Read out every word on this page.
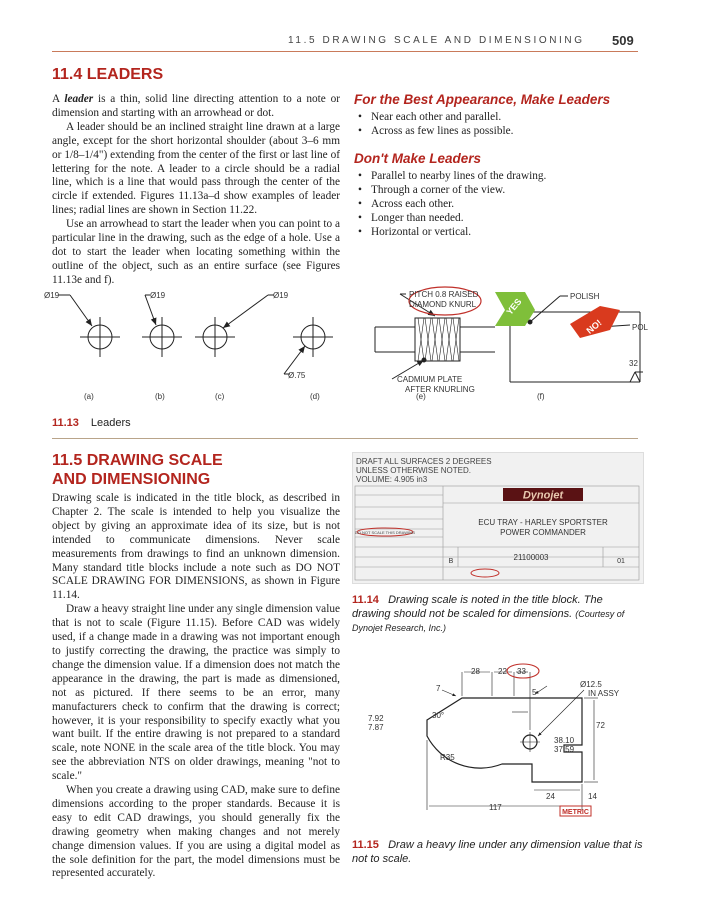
11.5 DRAWING SCALE AND DIMENSIONING	509
11.4 LEADERS

A leader is a thin, solid line directing attention to a note or dimension and starting with an arrowhead or dot.

A leader should be an inclined straight line drawn at a large angle, except for the short horizontal shoulder (about 3–6 mm or 1/8–1/4") extending from the center of the first or last line of lettering for the note. A leader to a circle should be a radial line, which is a line that would pass through the center of the circle if extended. Figures 11.13a–d show examples of leader lines; radial lines are shown in Section 11.22.

Use an arrowhead to start the leader when you can point to a particular line in the drawing, such as the edge of a hole. Use a dot to start the leader when locating something within the outline of the object, such as an entire surface (see Figures 11.13e and f).

For the Best Appearance, Make Leaders
• Near each other and parallel.
• Across as few lines as possible.
Don't Make Leaders
• Parallel to nearby lines of the drawing.
• Through a corner of the view.
• Across each other.
• Longer than needed.
• Horizontal or vertical.
YES
NO!
Ø19	Ø19	Ø19
Ø.75
PITCH 0.8 RAISED
DIAMOND KNURL
CADMIUM PLATE
AFTER KNURLING
POLISH
POL
32
(a)	(b)	(c)	(d)	(e)	(f)
11.13 Leaders
11.5 DRAWING SCALE
AND DIMENSIONING

Drawing scale is indicated in the title block, as described in Chapter 2. The scale is intended to help you visualize the object by giving an approximate idea of its size, but is not intended to communicate dimensions. Never scale measurements from drawings to find an unknown dimension. Many standard title blocks include a note such as DO NOT SCALE DRAWING FOR DIMENSIONS, as shown in Figure 11.14.

Draw a heavy straight line under any single dimension value that is not to scale (Figure 11.15). Before CAD was widely used, if a change made in a drawing was not important enough to justify correcting the drawing, the practice was simply to change the dimension value. If a dimension does not match the appearance in the drawing, the part is made as dimensioned, not as pictured. If there seems to be an error, many manufacturers check to confirm that the drawing is correct; however, it is your responsibility to specify exactly what you want built. If the entire drawing is not prepared to a standard scale, note NONE in the scale area of the title block. You may see the abbreviation NTS on older drawings, meaning "not to scale."

When you create a drawing using CAD, make sure to define dimensions according to the proper standards. Because it is easy to edit CAD drawings, you should generally fix the drawing geometry when making changes and not merely change dimension values. If you are using a digital model as the sole definition for the part, the model dimensions must be represented accurately.

DRAFT ALL SURFACES 2 DEGREES
UNLESS OTHERWISE NOTED.
VOLUME: 4.905 in3
Dynojet
ECU TRAY - HARLEY SPORTSTER
POWER COMMANDER
DO NOT SCALE THIS DRAWING
B	21100003	01
11.14 Drawing scale is noted in the title block. The drawing should not be scaled for dimensions. (Courtesy of Dynojet Research, Inc.)
28 22 33
7	5
Ø12.5
IN ASSY
30°
7.92
7.87	72
38.10
37.59
R35
24	14
117
METRIC
11.15 Draw a heavy line under any dimension value that is not to scale.
